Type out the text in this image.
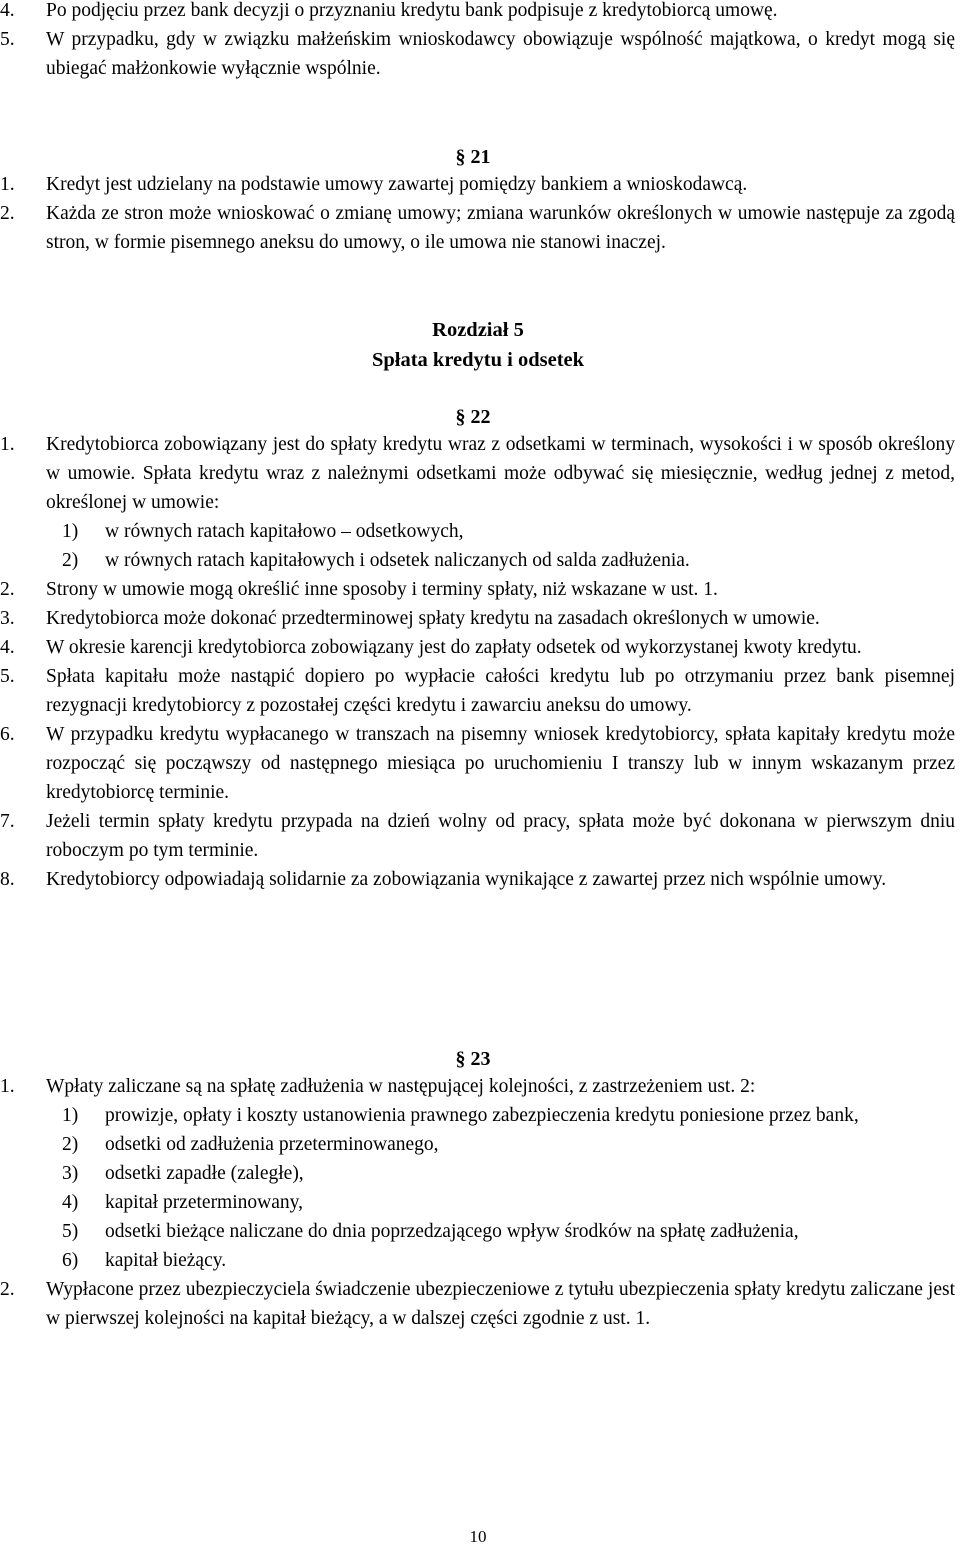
4. Po podjęciu przez bank decyzji o przyznaniu kredytu bank podpisuje z kredytobiorcą umowę.
5. W przypadku, gdy w związku małżeńskim wnioskodawcy obowiązuje wspólność majątkowa, o kredyt mogą się ubiegać małżonkowie wyłącznie wspólnie.
§ 21
1. Kredyt jest udzielany na podstawie umowy zawartej pomiędzy bankiem a wnioskodawcą.
2. Każda ze stron może wnioskować o zmianę umowy; zmiana warunków określonych w umowie następuje za zgodą stron, w formie pisemnego aneksu do umowy, o ile umowa nie stanowi inaczej.
Rozdział 5
Spłata kredytu i odsetek
§ 22
1. Kredytobiorca zobowiązany jest do spłaty kredytu wraz z odsetkami w terminach, wysokości i w sposób określony w umowie. Spłata kredytu wraz z należnymi odsetkami może odbywać się miesięcznie, według jednej z metod, określonej w umowie:
1) w równych ratach kapitałowo – odsetkowych,
2) w równych ratach kapitałowych i odsetek naliczanych od salda zadłużenia.
2. Strony w umowie mogą określić inne sposoby i terminy spłaty, niż wskazane w ust. 1.
3. Kredytobiorca może dokonać przedterminowej spłaty kredytu na zasadach określonych w umowie.
4. W okresie karencji kredytobiorca zobowiązany jest do zapłaty odsetek od wykorzystanej kwoty kredytu.
5. Spłata kapitału może nastąpić dopiero po wypłacie całości kredytu lub po otrzymaniu przez bank pisemnej rezygnacji kredytobiorcy z pozostałej części kredytu i zawarciu aneksu do umowy.
6. W przypadku kredytu wypłacanego w transzach na pisemny wniosek kredytobiorcy, spłata kapitały kredytu może rozpocząć się począwszy od następnego miesiąca po uruchomieniu I transzy lub w innym wskazanym przez kredytobiorcę terminie.
7. Jeżeli termin spłaty kredytu przypada na dzień wolny od pracy, spłata może być dokonana w pierwszym dniu roboczym po tym terminie.
8. Kredytobiorcy odpowiadają solidarnie za zobowiązania wynikające z zawartej przez nich wspólnie umowy.
§ 23
1. Wpłaty zaliczane są na spłatę zadłużenia w następującej kolejności, z zastrzeżeniem ust. 2:
1) prowizje, opłaty i koszty ustanowienia prawnego zabezpieczenia kredytu poniesione przez bank,
2) odsetki od zadłużenia przeterminowanego,
3) odsetki zapadłe (zaległe),
4) kapitał przeterminowany,
5) odsetki bieżące naliczane do dnia poprzedzającego wpływ środków na spłatę zadłużenia,
6) kapitał bieżący.
2. Wypłacone przez ubezpieczyciela świadczenie ubezpieczeniowe z tytułu ubezpieczenia spłaty kredytu zaliczane jest w pierwszej kolejności na kapitał bieżący, a w dalszej części zgodnie z ust. 1.
10
